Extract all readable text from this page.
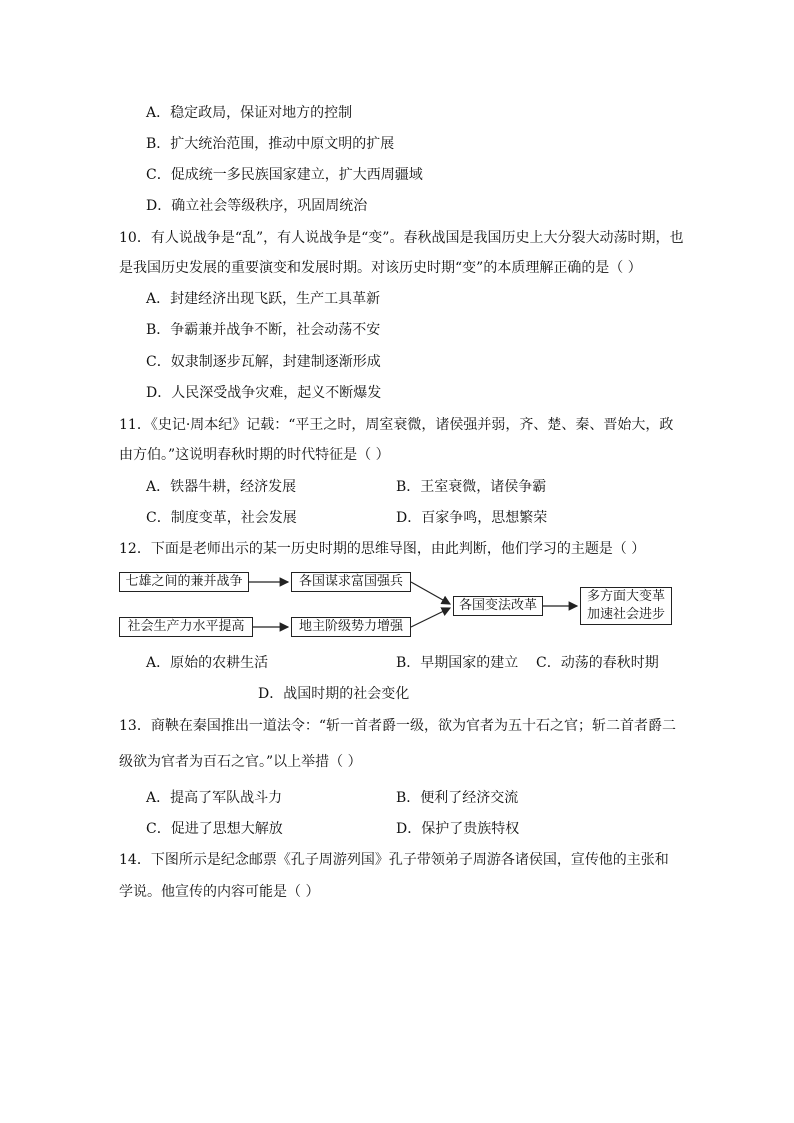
A．稳定政局，保证对地方的控制
B．扩大统治范围，推动中原文明的扩展
C．促成统一多民族国家建立，扩大西周疆域
D．确立社会等级秩序，巩固周统治
10．有人说战争是“乱”，有人说战争是“变”。春秋战国是我国历史上大分裂大动荡时期，也
是我国历史发展的重要演变和发展时期。对该历史时期“变”的本质理解正确的是（ ）
A．封建经济出现飞跃，生产工具革新
B．争霸兼并战争不断，社会动荡不安
C．奴隶制逐步瓦解，封建制逐渐形成
D．人民深受战争灾难，起义不断爆发
11．《史记·周本纪》记载：“平王之时，周室衰微，诸侯强并弱，齐、楚、秦、晋始大，政
由方伯。”这说明春秋时期的时代特征是（ ）
A．铁器牛耕，经济发展	B．王室衰微，诸侯争霸
C．制度变革，社会发展	D．百家争鸣，思想繁荣
12．下面是老师出示的某一历史时期的思维导图，由此判断，他们学习的主题是（ ）
七雄之间的兼并战争	各国谋求富国强兵
社会生产力水平提高	地主阶级势力增强
各国变法改革
多方面大变革
加速社会进步
A．原始的农耕生活	B．早期国家的建立 C．动荡的春秋时期
D．战国时期的社会变化
13．商鞅在秦国推出一道法令：“斩一首者爵一级，欲为官者为五十石之官；斩二首者爵二
级欲为官者为百石之官。”以上举措（ ）
A．提高了军队战斗力	B．便利了经济交流
C．促进了思想大解放	D．保护了贵族特权
14．下图所示是纪念邮票《孔子周游列国》孔子带领弟子周游各诸侯国，宣传他的主张和
学说。他宣传的内容可能是（ ）
